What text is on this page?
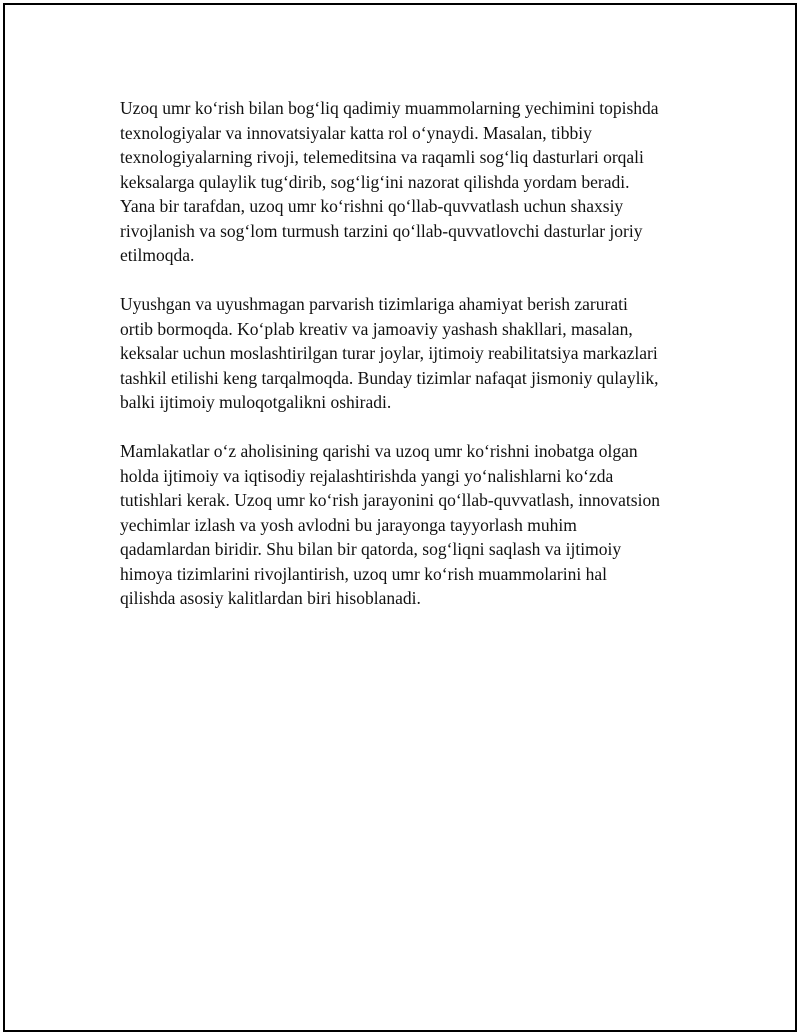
Uzoq umr koʻrish bilan bogʻliq qadimiy muammolarning yechimini topishda
texnologiyalar va innovatsiyalar katta rol oʻynaydi. Masalan, tibbiy
texnologiyalarning rivoji, telemeditsina va raqamli sogʻliq dasturlari orqali
keksalarga qulaylik tugʻdirib, sogʻligʻini nazorat qilishda yordam beradi.
Yana bir tarafdan, uzoq umr koʻrishni qoʻllab-quvvatlash uchun shaxsiy
rivojlanish va sogʻlom turmush tarzini qoʻllab-quvvatlovchi dasturlar joriy
etilmoqda.

Uyushgan va uyushmagan parvarish tizimlariga ahamiyat berish zarurati
ortib bormoqda. Koʻplab kreativ va jamoaviy yashash shakllari, masalan,
keksalar uchun moslashtirilgan turar joylar, ijtimoiy reabilitatsiya markazlari
tashkil etilishi keng tarqalmoqda. Bunday tizimlar nafaqat jismoniy qulaylik,
balki ijtimoiy muloqotgalikni oshiradi.

Mamlakatlar oʻz aholisining qarishi va uzoq umr koʻrishni inobatga olgan
holda ijtimoiy va iqtisodiy rejalashtirishda yangi yoʻnalishlarni koʻzda
tutishlari kerak. Uzoq umr koʻrish jarayonini qoʻllab-quvvatlash, innovatsion
yechimlar izlash va yosh avlodni bu jarayonga tayyorlash muhim
qadamlardan biridir. Shu bilan bir qatorda, sogʻliqni saqlash va ijtimoiy
himoya tizimlarini rivojlantirish, uzoq umr koʻrish muammolarini hal
qilishda asosiy kalitlardan biri hisoblanadi.
